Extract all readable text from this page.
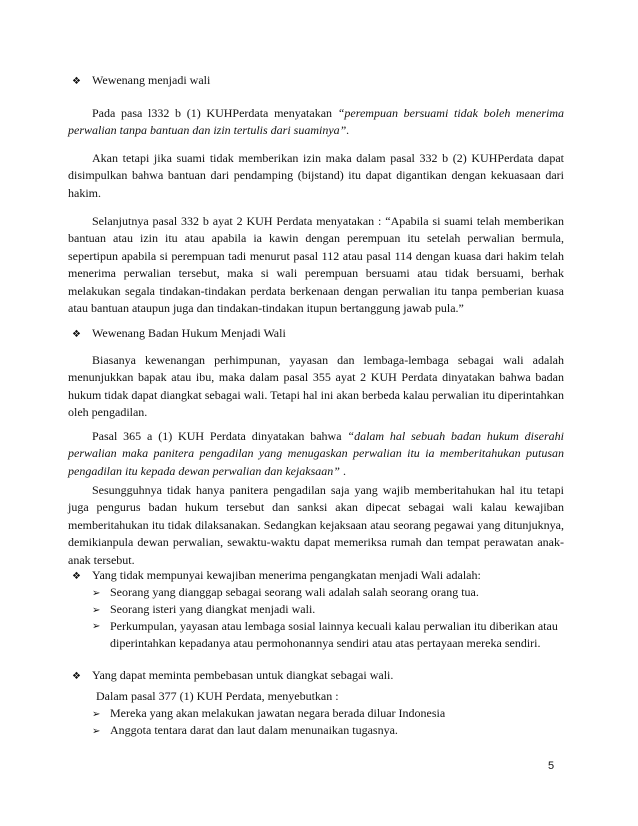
❖ Wewenang menjadi wali
Pada pasa l332 b (1) KUHPerdata menyatakan “perempuan bersuami tidak boleh menerima perwalian tanpa bantuan dan izin tertulis dari suaminya”.
Akan tetapi jika suami tidak memberikan izin maka dalam pasal 332 b (2) KUHPerdata dapat disimpulkan bahwa bantuan dari pendamping (bijstand) itu dapat digantikan dengan kekuasaan dari hakim.
Selanjutnya pasal 332 b ayat 2 KUH Perdata menyatakan : “Apabila si suami telah memberikan bantuan atau izin itu atau apabila ia kawin dengan perempuan itu setelah perwalian bermula, sepertipun apabila si perempuan tadi menurut pasal 112 atau pasal 114 dengan kuasa dari hakim telah menerima perwalian tersebut, maka si wali perempuan bersuami atau tidak bersuami, berhak melakukan segala tindakan-tindakan perdata berkenaan dengan perwalian itu tanpa pemberian kuasa atau bantuan ataupun juga dan tindakan-tindakan itupun bertanggung jawab pula.”
❖ Wewenang Badan Hukum Menjadi Wali
Biasanya kewenangan perhimpunan, yayasan dan lembaga-lembaga sebagai wali adalah menunjukkan bapak atau ibu, maka dalam pasal 355 ayat 2 KUH Perdata dinyatakan bahwa badan hukum tidak dapat diangkat sebagai wali. Tetapi hal ini akan berbeda kalau perwalian itu diperintahkan oleh pengadilan.
Pasal 365 a (1) KUH Perdata dinyatakan bahwa “dalam hal sebuah badan hukum diserahi perwalian maka panitera pengadilan yang menugaskan perwalian itu ia memberitahukan putusan pengadilan itu kepada dewan perwalian dan kejaksaan” .
Sesungguhnya tidak hanya panitera pengadilan saja yang wajib memberitahukan hal itu tetapi juga pengurus badan hukum tersebut dan sanksi akan dipecat sebagai wali kalau kewajiban memberitahukan itu tidak dilaksanakan. Sedangkan kejaksaan atau seorang pegawai yang ditunjuknya, demikianpula dewan perwalian, sewaktu-waktu dapat memeriksa rumah dan tempat perawatan anak-anak tersebut.
❖ Yang tidak mempunyai kewajiban menerima pengangkatan menjadi Wali adalah:
➢ Seorang yang dianggap sebagai seorang wali adalah salah seorang orang tua.
➢ Seorang isteri yang diangkat menjadi wali.
➢ Perkumpulan, yayasan atau lembaga sosial lainnya kecuali kalau perwalian itu diberikan atau diperintahkan kepadanya atau permohonannya sendiri atau atas pertayaan mereka sendiri.
❖ Yang dapat meminta pembebasan untuk diangkat sebagai wali.
Dalam pasal 377 (1) KUH Perdata, menyebutkan :
➢ Mereka yang akan melakukan jawatan negara berada diluar Indonesia
➢ Anggota tentara darat dan laut dalam menunaikan tugasnya.
5
